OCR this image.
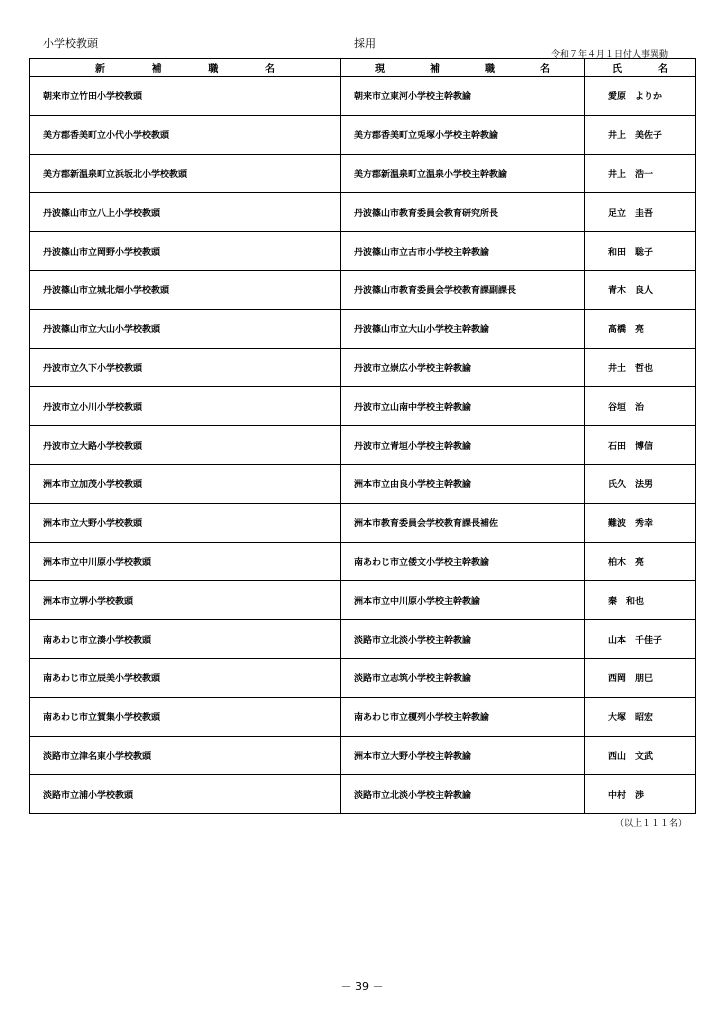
小学校教頭	採用
令和７年４月１日付人事異動
新 補 職 名	現 補 職 名	氏 名

朝来市立竹田小学校教頭	朝来市立東河小学校主幹教諭	愛原　よりか
美方郡香美町立小代小学校教頭	美方郡香美町立兎塚小学校主幹教諭	井上　美佐子
美方郡新温泉町立浜坂北小学校教頭	美方郡新温泉町立温泉小学校主幹教諭	井上　浩一
丹波篠山市立八上小学校教頭	丹波篠山市教育委員会教育研究所長	足立　圭吾
丹波篠山市立岡野小学校教頭	丹波篠山市立古市小学校主幹教諭	和田　聡子
丹波篠山市立城北畑小学校教頭	丹波篠山市教育委員会学校教育課副課長	青木　良人
丹波篠山市立大山小学校教頭	丹波篠山市立大山小学校主幹教諭	髙橋　亮
丹波市立久下小学校教頭	丹波市立崇広小学校主幹教諭	井土　哲也
丹波市立小川小学校教頭	丹波市立山南中学校主幹教諭	谷垣　治
丹波市立大路小学校教頭	丹波市立青垣小学校主幹教諭	石田　博信
洲本市立加茂小学校教頭	洲本市立由良小学校主幹教諭	氏久　法男
洲本市立大野小学校教頭	洲本市教育委員会学校教育課長補佐	難波　秀幸
洲本市立中川原小学校教頭	南あわじ市立倭文小学校主幹教諭	柏木　亮
洲本市立堺小学校教頭	洲本市立中川原小学校主幹教諭	秦　和也
南あわじ市立湊小学校教頭	淡路市立北淡小学校主幹教諭	山本　千佳子
南あわじ市立辰美小学校教頭	淡路市立志筑小学校主幹教諭	西岡　朋巳
南あわじ市立賀集小学校教頭	南あわじ市立榎列小学校主幹教諭	大塚　昭宏
淡路市立津名東小学校教頭	洲本市立大野小学校主幹教諭	西山　文武
淡路市立浦小学校教頭	淡路市立北淡小学校主幹教諭	中村　渉
（以上１１１名）
－ 39 －
